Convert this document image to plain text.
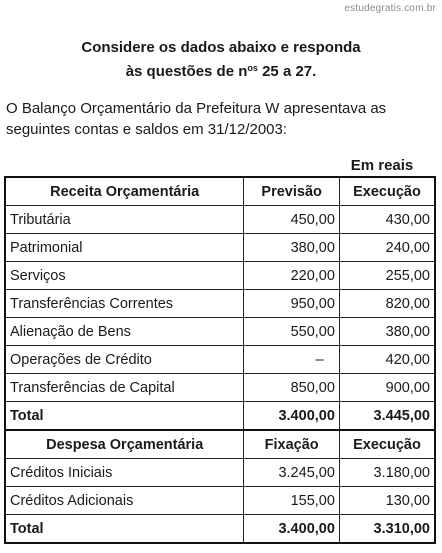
estudegratis.com.br
Considere os dados abaixo e responda
às questões de $n^{os}$ 25 a 27.
O Balanço Orçamentário da Prefeitura W apresentava as seguintes contas e saldos em 31/12/2003:
Em reais
Receita Orçamentária	Previsão	Execução
Tributária	450,00	430,00
Patrimonial	380,00	240,00
Serviços	220,00	255,00
Transferências Correntes	950,00	820,00
Alienação de Bens	550,00	380,00
Operações de Crédito	–	420,00
Transferências de Capital	850,00	900,00
Total	3.400,00	3.445,00
Despesa Orçamentária	Fixação	Execução
Créditos Iniciais	3.245,00	3.180,00
Créditos Adicionais	155,00	130,00
Total	3.400,00	3.310,00
